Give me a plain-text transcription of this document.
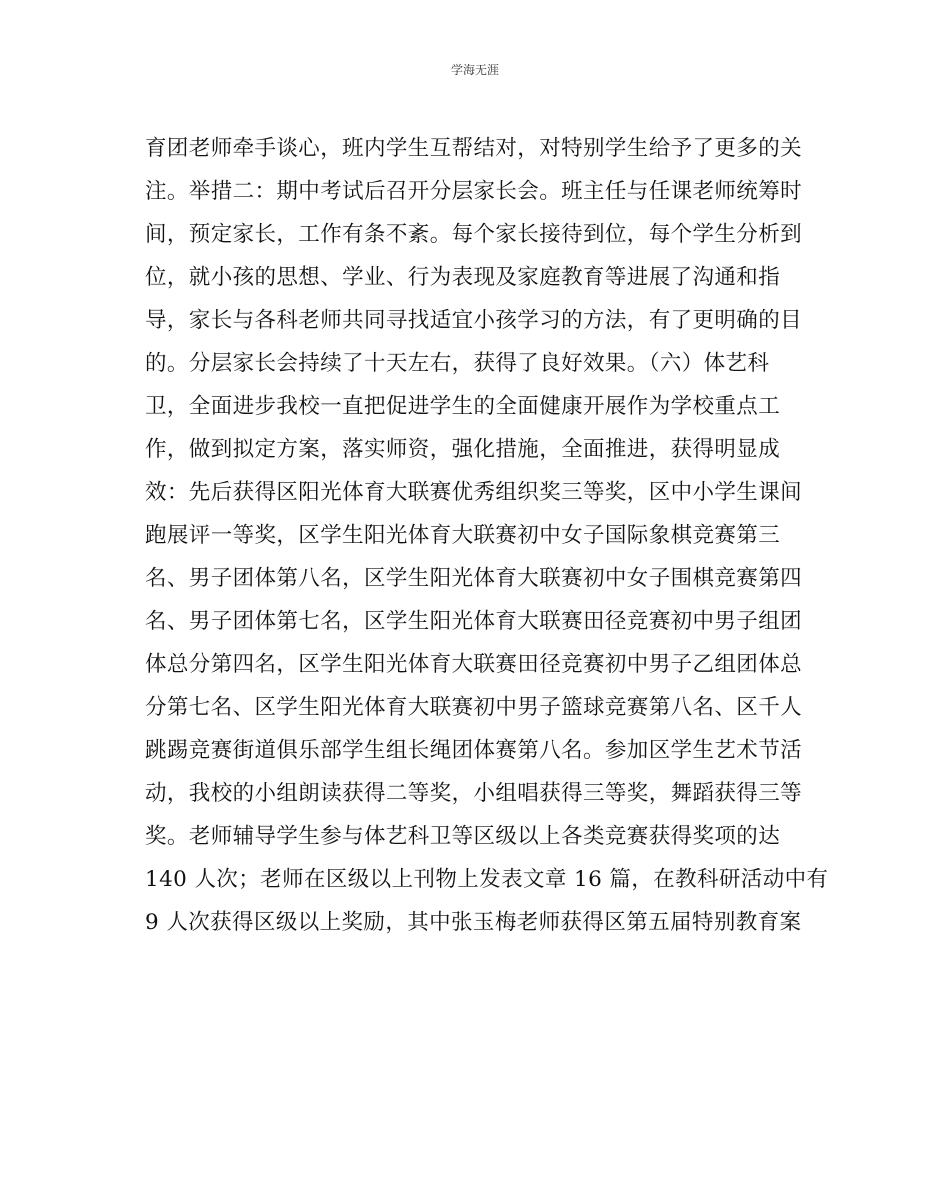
学海无涯
育团老师牵手谈心，班内学生互帮结对，对特别学生给予了更多的关
注。举措二：期中考试后召开分层家长会。班主任与任课老师统筹时
间，预定家长，工作有条不紊。每个家长接待到位，每个学生分析到
位，就小孩的思想、学业、行为表现及家庭教育等进展了沟通和指
导，家长与各科老师共同寻找适宜小孩学习的方法，有了更明确的目
的。分层家长会持续了十天左右，获得了良好效果。（六）体艺科
卫，全面进步我校一直把促进学生的全面健康开展作为学校重点工
作，做到拟定方案，落实师资，强化措施，全面推进，获得明显成
效：先后获得区阳光体育大联赛优秀组织奖三等奖，区中小学生课间
跑展评一等奖，区学生阳光体育大联赛初中女子国际象棋竞赛第三
名、男子团体第八名，区学生阳光体育大联赛初中女子围棋竞赛第四
名、男子团体第七名，区学生阳光体育大联赛田径竞赛初中男子组团
体总分第四名，区学生阳光体育大联赛田径竞赛初中男子乙组团体总
分第七名、区学生阳光体育大联赛初中男子篮球竞赛第八名、区千人
跳踢竞赛街道俱乐部学生组长绳团体赛第八名。参加区学生艺术节活
动，我校的小组朗读获得二等奖，小组唱获得三等奖，舞蹈获得三等
奖。老师辅导学生参与体艺科卫等区级以上各类竞赛获得奖项的达
140 人次；老师在区级以上刊物上发表文章 16 篇，在教科研活动中有
9 人次获得区级以上奖励，其中张玉梅老师获得区第五届特别教育案
